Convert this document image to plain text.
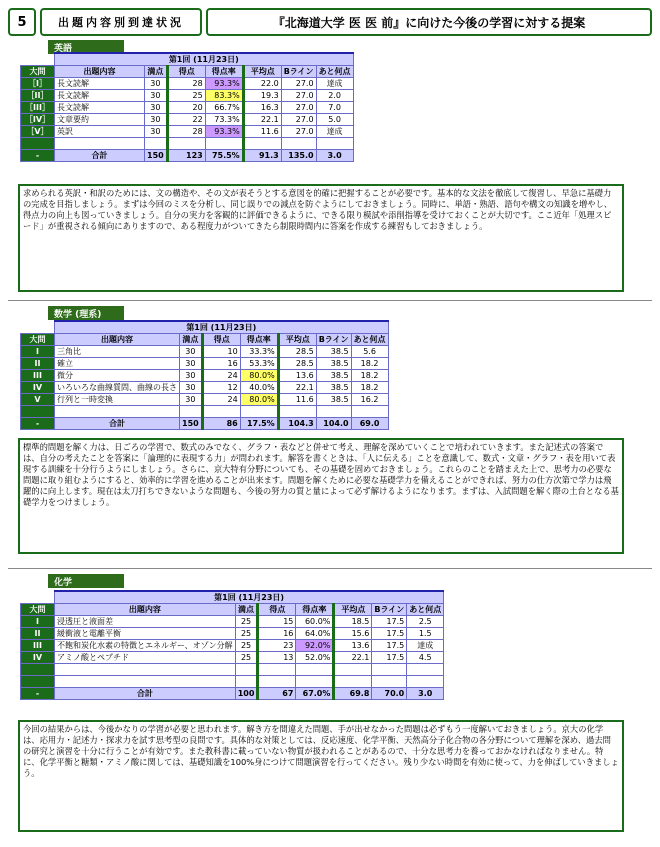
5	出題内容別到達状況	『北海道大学 医 医 前』に向けた今後の学習に対する提案
英語
	第1回 (11月23日)						
大問	出題内容	満点	得点	得点率	平均点	Bライン	あと何点
［I］	長文読解	30	28	93.3%	22.0	27.0	達成
［II］	長文読解	30	25	83.3%	19.3	27.0	2.0
［III］	長文読解	30	20	66.7%	16.3	27.0	7.0
［IV］	文章要約	30	22	73.3%	22.1	27.0	5.0
［V］	英訳	30	28	93.3%	11.6	27.0	達成

-	合計	150	123	75.5%	91.3	135.0	3.0
求められる英訳・和訳のためには、文の構造や、その文が表そうとする意図を的確に把握することが必要です。基本的な文法を徹底して復習し、早急に基礎力の完成を目指しましょう。まずは今回のミスを分析し、同じ誤りでの減点を防ぐようにしておきましょう。同時に、単語・熟語、語句や構文の知識を増やし、得点力の向上も図っていきましょう。自分の実力を客観的に評価できるように、できる限り模試や添削指導を受けておくことが大切です。ここ近年「処理スピード」が重視される傾向にありますので、ある程度力がついてきたら制限時間内に答案を作成する練習もしておきましょう。
数学 (理系)
	第1回 (11月23日)						
大問	出題内容	満点	得点	得点率	平均点	Bライン	あと何点
I	三角比	30	10	33.3%	28.5	38.5	5.6
II	確立	30	16	53.3%	28.5	38.5	18.2
III	微分	30	24	80.0%	13.6	38.5	18.2
IV	いろいろな曲線質問、曲線の長さ	30	12	40.0%	22.1	38.5	18.2
V	行列と一時変換	30	24	80.0%	11.6	38.5	16.2

-	合計	150	86	17.5%	104.3	104.0	69.0
標準的問題を解く力は、日ごろの学習で、数式のみでなく、グラフ・表などと併せて考え、理解を深めていくことで培われていきます。また記述式の答案では、自分の考えたことを答案に「論理的に表現する力」が問われます。解答を書くときは、「人に伝える」ことを意識して、数式・文章・グラフ・表を用いて表現する訓練を十分行うようにしましょう。さらに、京大特有分野についても、その基礎を固めておきましょう。これらのことを踏まえた上で、思考力の必要な問題に取り組むようにすると、効率的に学習を進めることが出来ます。問題を解くために必要な基礎学力を備えることができれば、努力の仕方次第で学力は飛躍的に向上します。現在は太刀打ちできないような問題も、今後の努力の質と量によって必ず解けるようになります。まずは、入試問題を解く際の土台となる基礎学力をつけましょう。
化学
	第1回 (11月23日)						
大問	出題内容	満点	得点	得点率	平均点	Bライン	あと何点
I	浸透圧と液面差	25	15	60.0%	18.5	17.5	2.5
II	緩衝液と電離平衡	25	16	64.0%	15.6	17.5	1.5
III	不飽和炭化水素の特徴とエネルギー、オゾン分解	25	23	92.0%	13.6	17.5	達成
IV	アミノ酸とペプチド	25	13	52.0%	22.1	17.5	4.5

-	合計	100	67	67.0%	69.8	70.0	3.0
今回の結果からは、今後かなりの学習が必要と思われます。解き方を間違えた問題、手が出せなかった問題は必ずもう一度解いておきましょう。京大の化学は、応用力・記述力・探求力を試す思考型の良問です。具体的な対策としては、反応速度、化学平衡、天然高分子化合物の各分野について理解を深め、過去問の研究と演習を十分に行うことが有効です。また教科書に載っていない物質が扱われることがあるので、十分な思考力を養っておかなければなりません。特に、化学平衡と糖類・アミノ酸に関しては、基礎知識を100%身につけて問題演習を行ってください。残り少ない時間を有効に使って、力を伸ばしていきましょう。
